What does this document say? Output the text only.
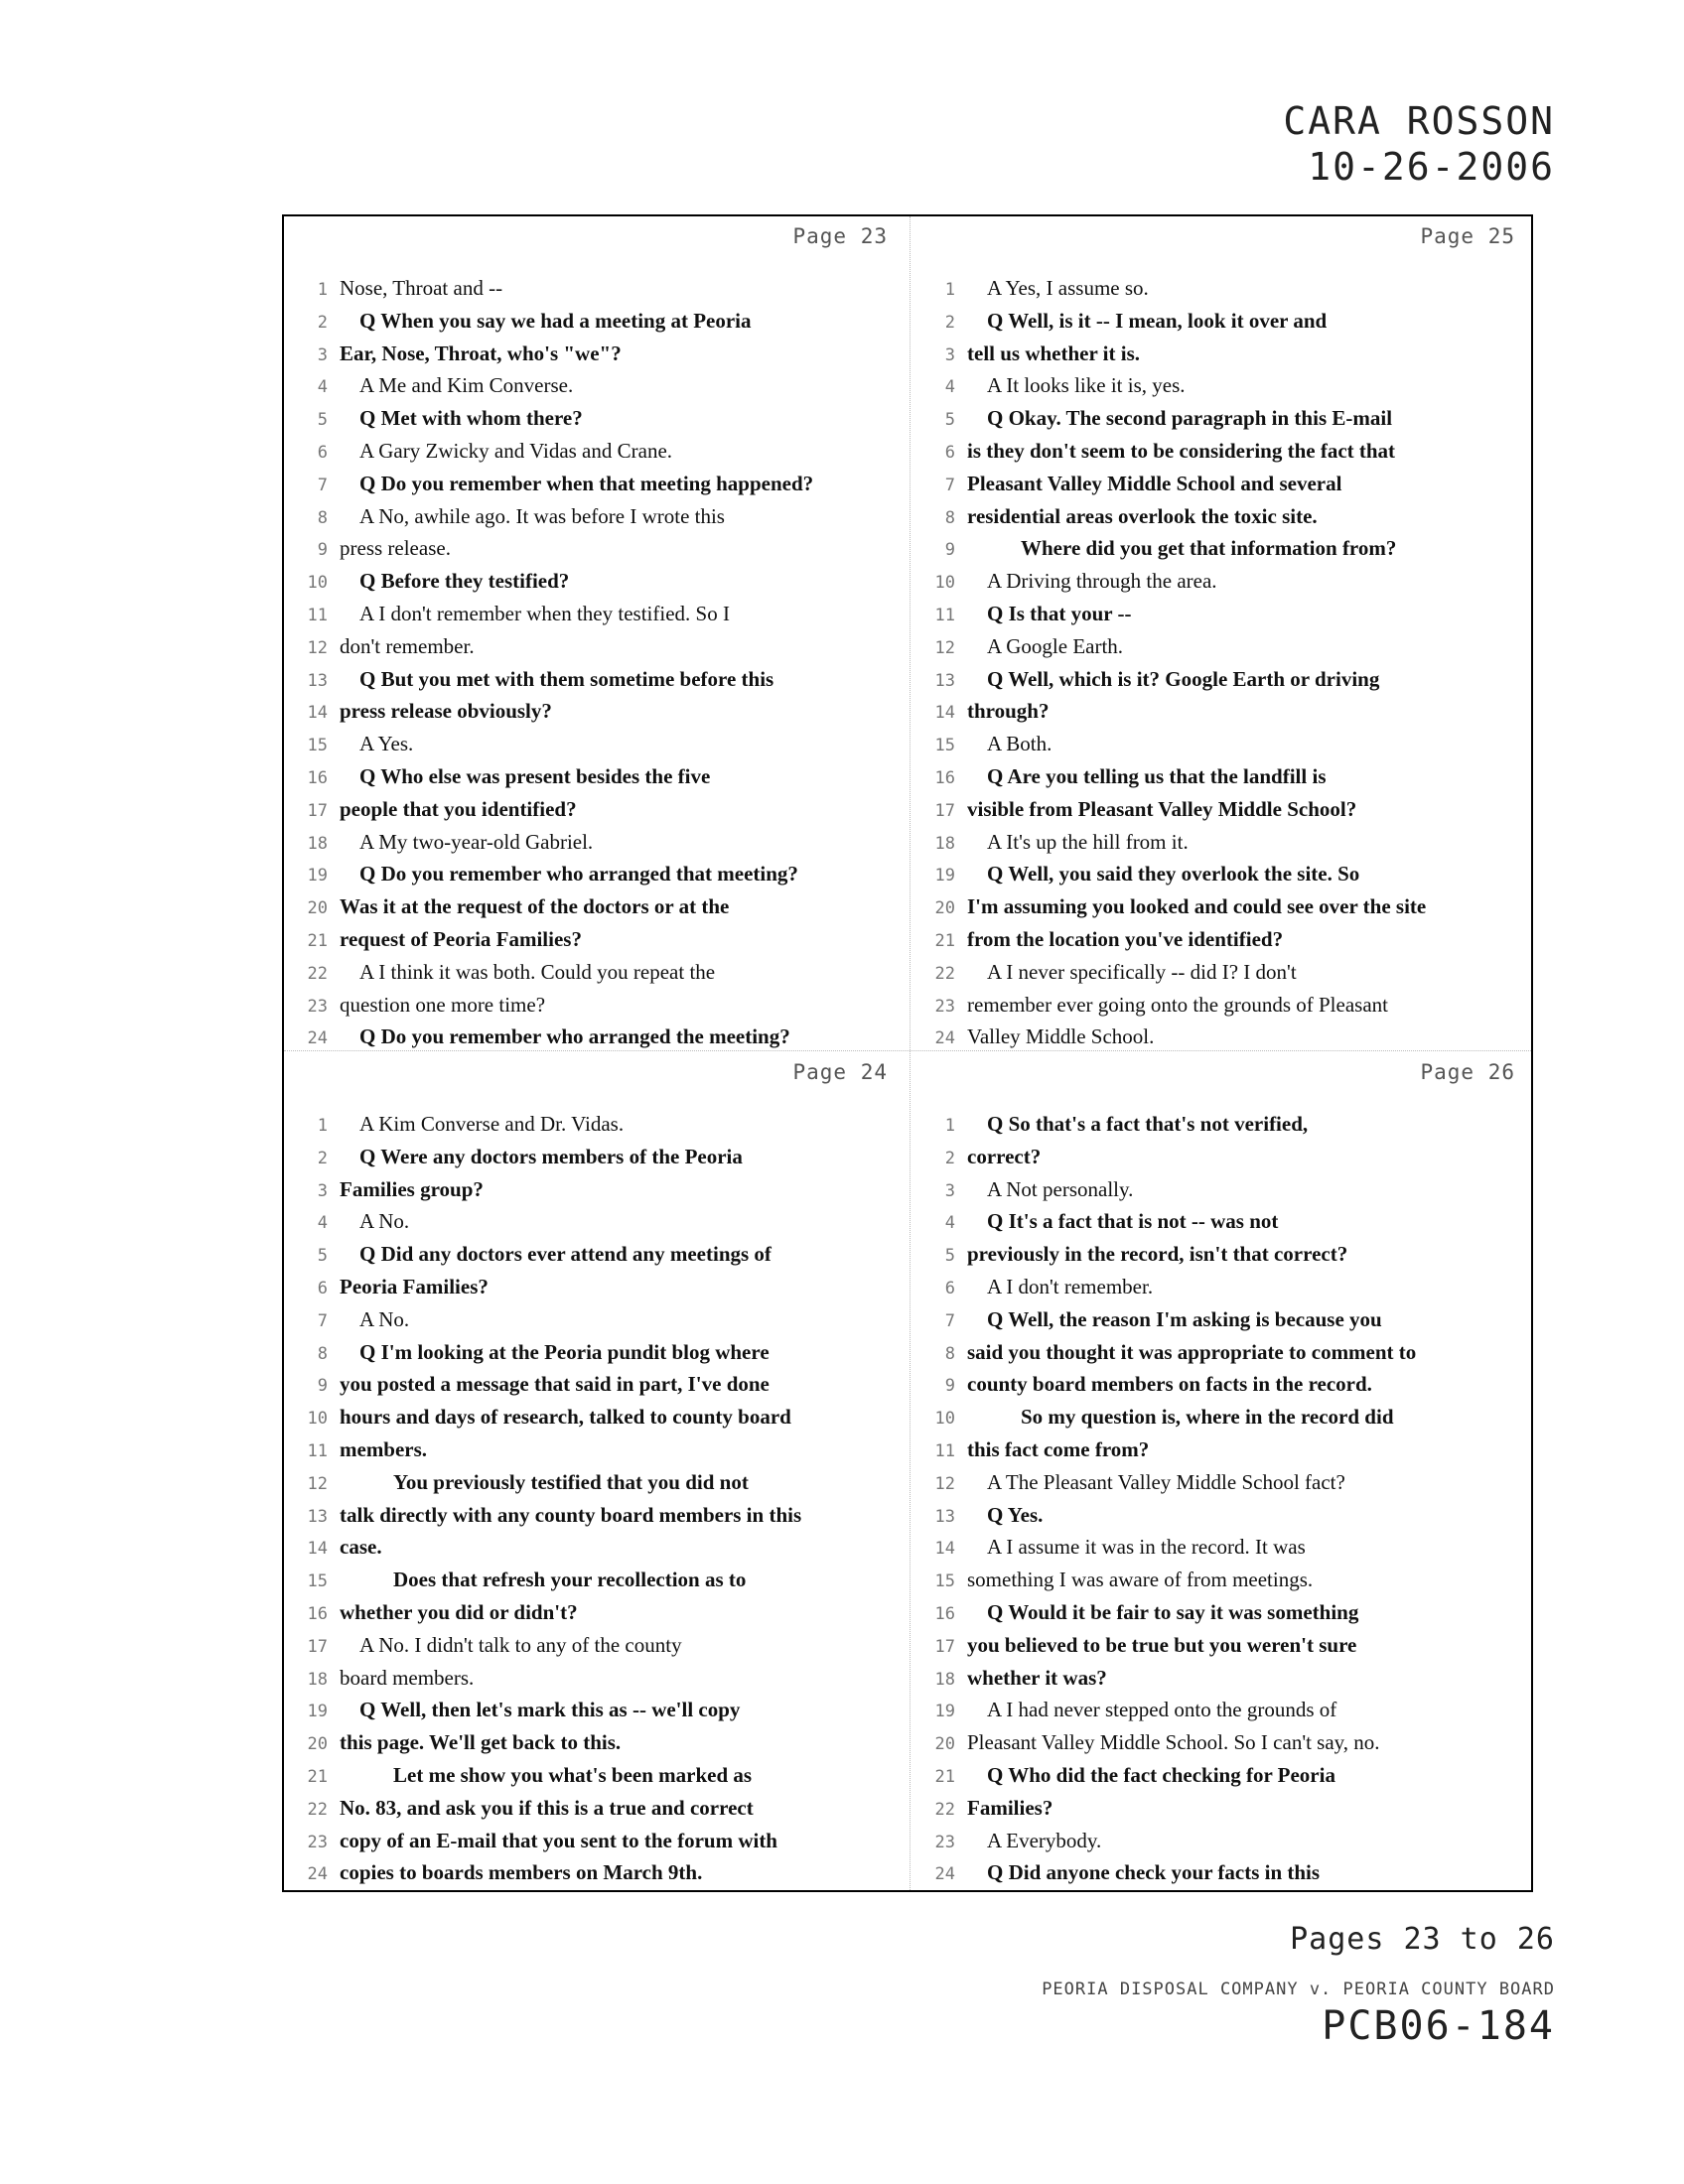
CARA ROSSON
10-26-2006
Page 23
1 Nose, Throat and --
2 Q When you say we had a meeting at Peoria
3 Ear, Nose, Throat, who's "we"?
4 A Me and Kim Converse.
5 Q Met with whom there?
6 A Gary Zwicky and Vidas and Crane.
7 Q Do you remember when that meeting happened?
8 A No, awhile ago. It was before I wrote this
9 press release.
10 Q Before they testified?
11 A I don't remember when they testified. So I
12 don't remember.
13 Q But you met with them sometime before this
14 press release obviously?
15 A Yes.
16 Q Who else was present besides the five
17 people that you identified?
18 A My two-year-old Gabriel.
19 Q Do you remember who arranged that meeting?
20 Was it at the request of the doctors or at the
21 request of Peoria Families?
22 A I think it was both. Could you repeat the
23 question one more time?
24 Q Do you remember who arranged the meeting?
Page 25
1 A Yes, I assume so.
2 Q Well, is it -- I mean, look it over and
3 tell us whether it is.
4 A It looks like it is, yes.
5 Q Okay. The second paragraph in this E-mail
6 is they don't seem to be considering the fact that
7 Pleasant Valley Middle School and several
8 residential areas overlook the toxic site.
9	Where did you get that information from?
10 A Driving through the area.
11 Q Is that your --
12 A Google Earth.
13 Q Well, which is it? Google Earth or driving
14 through?
15 A Both.
16 Q Are you telling us that the landfill is
17 visible from Pleasant Valley Middle School?
18 A It's up the hill from it.
19 Q Well, you said they overlook the site. So
20 I'm assuming you looked and could see over the site
21 from the location you've identified?
22 A I never specifically -- did I? I don't
23 remember ever going onto the grounds of Pleasant
24 Valley Middle School.
Page 24
1 A Kim Converse and Dr. Vidas.
2 Q Were any doctors members of the Peoria
3 Families group?
4 A No.
5 Q Did any doctors ever attend any meetings of
6 Peoria Families?
7 A No.
8 Q I'm looking at the Peoria pundit blog where
9 you posted a message that said in part, I've done
10 hours and days of research, talked to county board
11 members.
12	You previously testified that you did not
13 talk directly with any county board members in this
14 case.
15	Does that refresh your recollection as to
16 whether you did or didn't?
17 A No. I didn't talk to any of the county
18 board members.
19 Q Well, then let's mark this as -- we'll copy
20 this page. We'll get back to this.
21	Let me show you what's been marked as
22 No. 83, and ask you if this is a true and correct
23 copy of an E-mail that you sent to the forum with
24 copies to boards members on March 9th.
Page 26
1 Q So that's a fact that's not verified,
2 correct?
3 A Not personally.
4 Q It's a fact that is not -- was not
5 previously in the record, isn't that correct?
6 A I don't remember.
7 Q Well, the reason I'm asking is because you
8 said you thought it was appropriate to comment to
9 county board members on facts in the record.
10	So my question is, where in the record did
11 this fact come from?
12 A The Pleasant Valley Middle School fact?
13 Q Yes.
14 A I assume it was in the record. It was
15 something I was aware of from meetings.
16 Q Would it be fair to say it was something
17 you believed to be true but you weren't sure
18 whether it was?
19 A I had never stepped onto the grounds of
20 Pleasant Valley Middle School. So I can't say, no.
21 Q Who did the fact checking for Peoria
22 Families?
23 A Everybody.
24 Q Did anyone check your facts in this
Pages 23 to 26
PEORIA DISPOSAL COMPANY v. PEORIA COUNTY BOARD
PCB06-184
